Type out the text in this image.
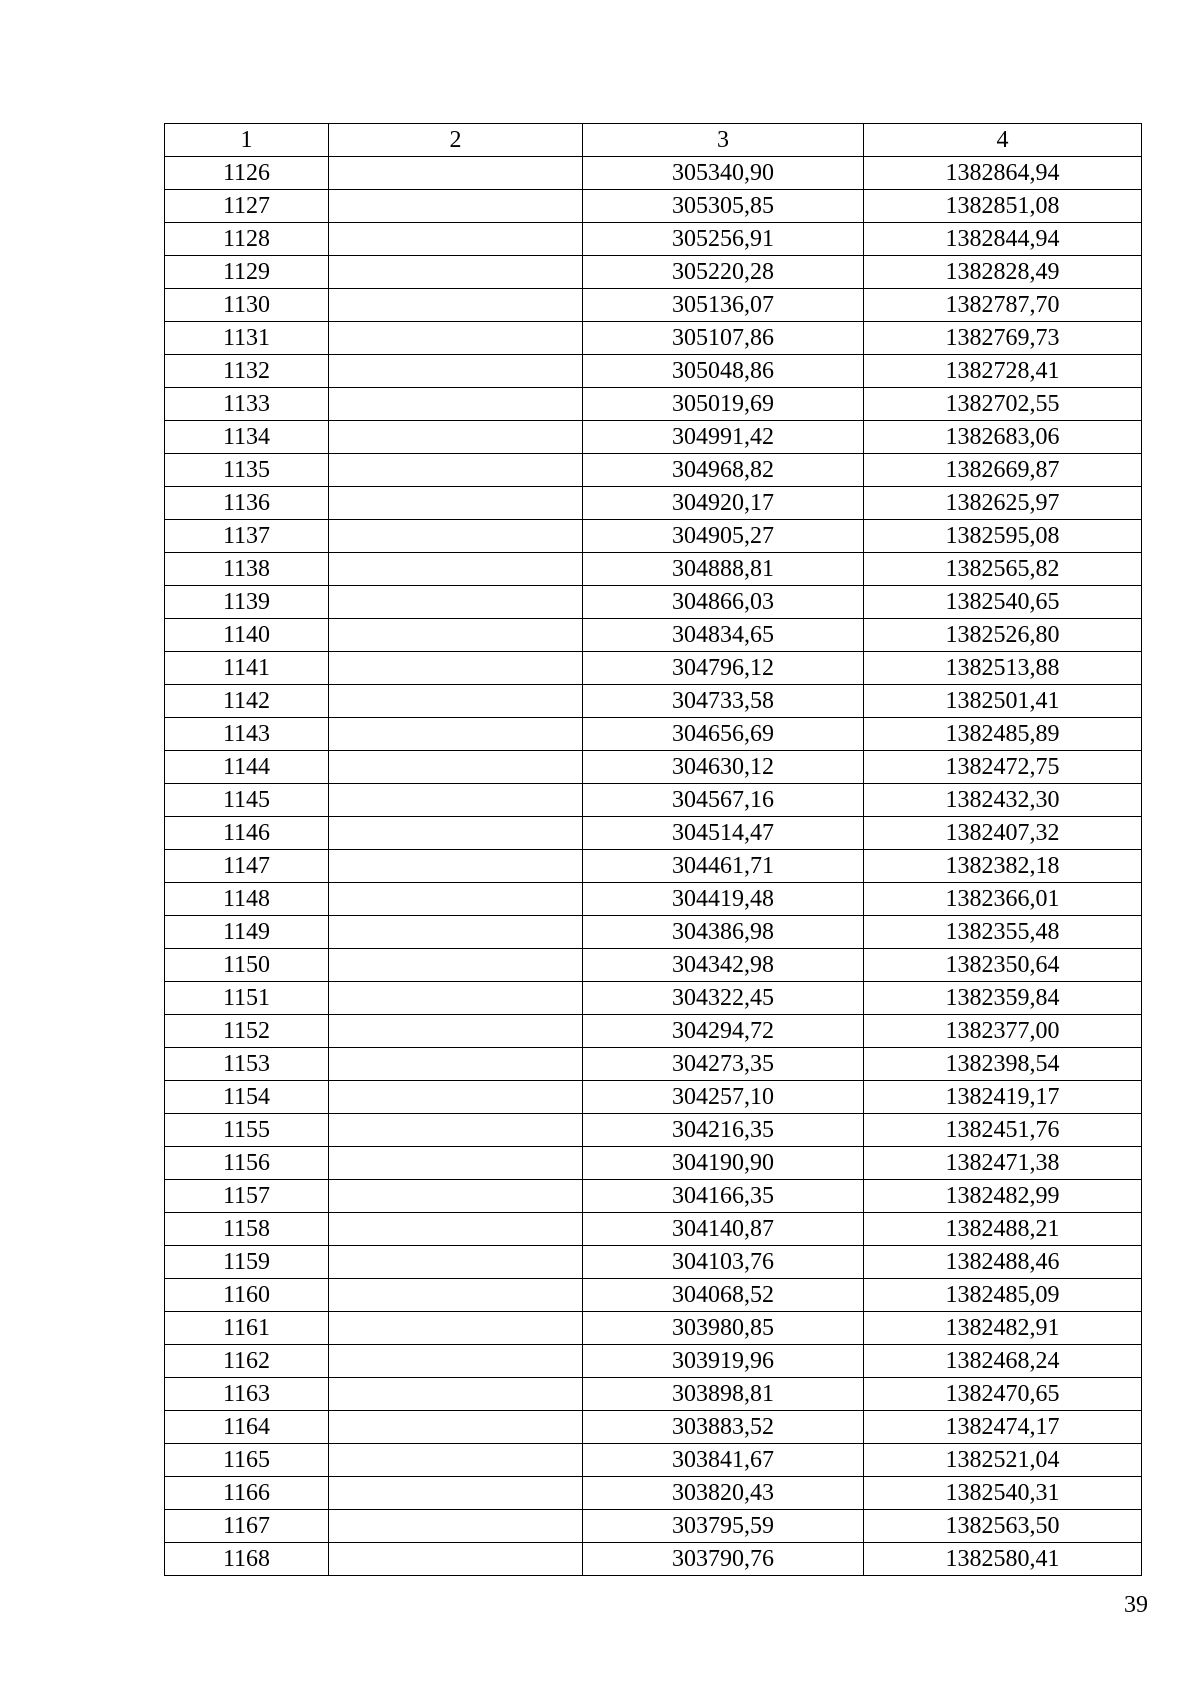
1	2	3	4
1126		305340,90	1382864,94
1127		305305,85	1382851,08
1128		305256,91	1382844,94
1129		305220,28	1382828,49
1130		305136,07	1382787,70
1131		305107,86	1382769,73
1132		305048,86	1382728,41
1133		305019,69	1382702,55
1134		304991,42	1382683,06
1135		304968,82	1382669,87
1136		304920,17	1382625,97
1137		304905,27	1382595,08
1138		304888,81	1382565,82
1139		304866,03	1382540,65
1140		304834,65	1382526,80
1141		304796,12	1382513,88
1142		304733,58	1382501,41
1143		304656,69	1382485,89
1144		304630,12	1382472,75
1145		304567,16	1382432,30
1146		304514,47	1382407,32
1147		304461,71	1382382,18
1148		304419,48	1382366,01
1149		304386,98	1382355,48
1150		304342,98	1382350,64
1151		304322,45	1382359,84
1152		304294,72	1382377,00
1153		304273,35	1382398,54
1154		304257,10	1382419,17
1155		304216,35	1382451,76
1156		304190,90	1382471,38
1157		304166,35	1382482,99
1158		304140,87	1382488,21
1159		304103,76	1382488,46
1160		304068,52	1382485,09
1161		303980,85	1382482,91
1162		303919,96	1382468,24
1163		303898,81	1382470,65
1164		303883,52	1382474,17
1165		303841,67	1382521,04
1166		303820,43	1382540,31
1167		303795,59	1382563,50
1168		303790,76	1382580,41
39
